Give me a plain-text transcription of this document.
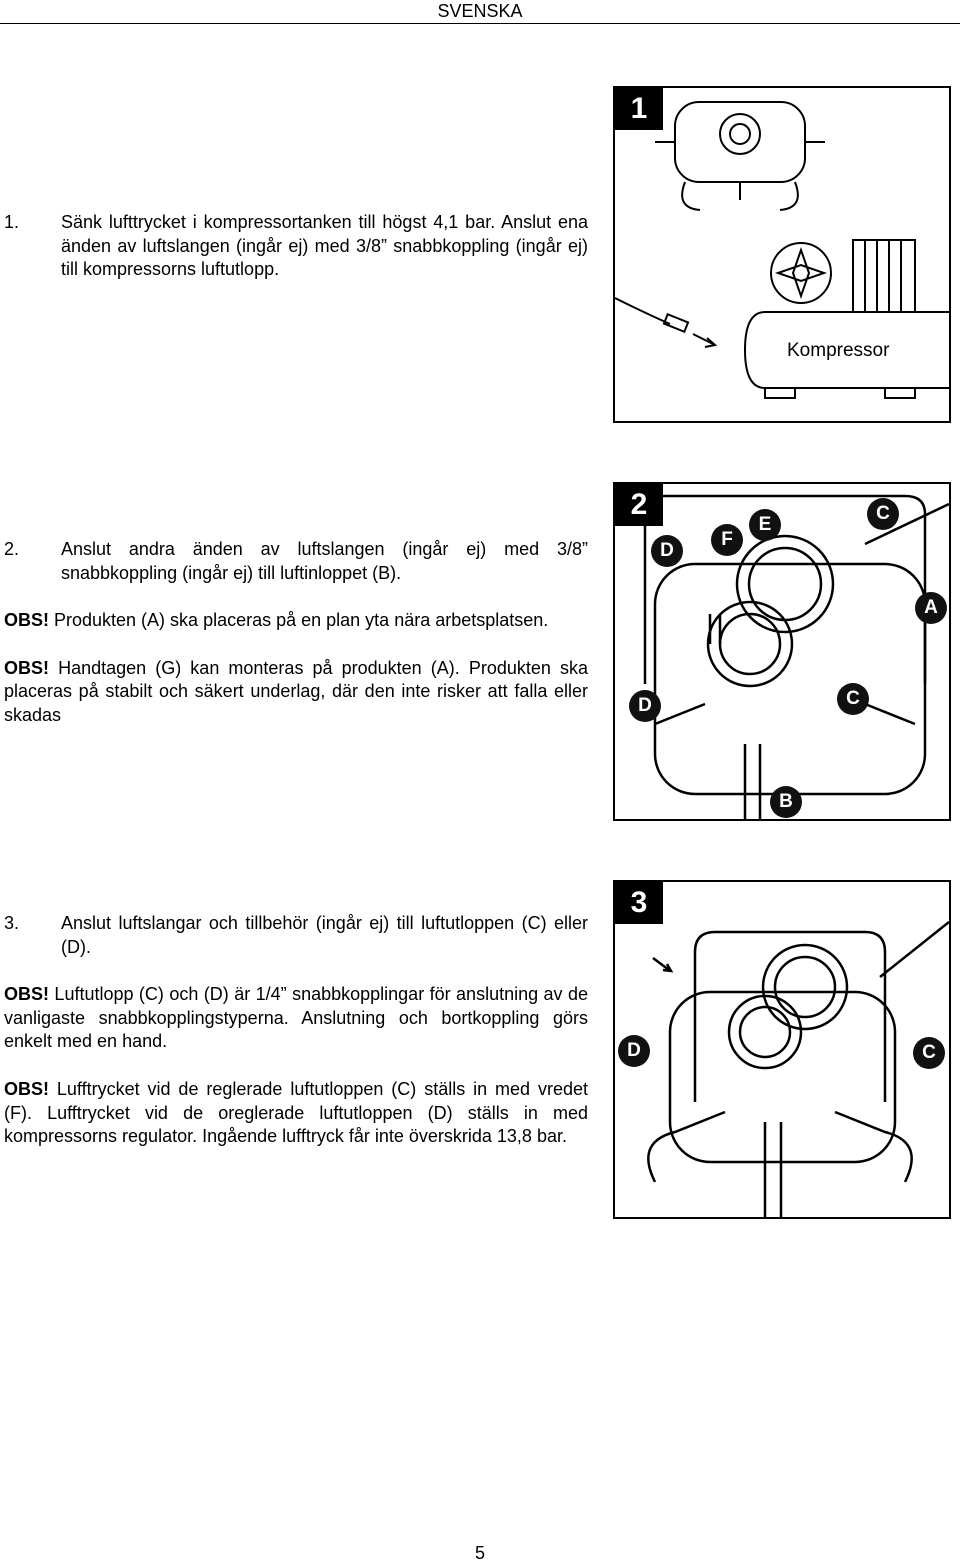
SVENSKA
1.	Sänk lufttrycket i kompressortanken till högst 4,1 bar. Anslut ena änden av luftslangen (ingår ej) med 3/8” snabbkoppling (ingår ej) till kompressorns luftutlopp.
2.	Anslut andra änden av luftslangen (ingår ej) med 3/8” snabbkoppling (ingår ej) till luftinloppet (B).

OBS! Produkten (A) ska placeras på en plan yta nära arbetsplatsen.

OBS! Handtagen (G) kan monteras på produkten (A). Produkten ska placeras på stabilt och säkert underlag, där den inte risker att falla eller skadas

3.	Anslut luftslangar och tillbehör (ingår ej) till luftutloppen (C) eller (D).

OBS! Luftutlopp (C) och (D) är 1/4” snabbkopplingar för anslutning av de vanligaste snabbkopplingstyperna. Anslutning och bortkoppling görs enkelt med en hand.

OBS! Lufftrycket vid de reglerade luftutloppen (C) ställs in med vredet (F). Lufftrycket vid de oreglerade luftutloppen (D) ställs in med kompressorns regulator. Ingående lufftryck får inte överskrida 13,8 bar.

1
Kompressor
2
D
F
E
C
A
D	C
B
3
D	C
5
